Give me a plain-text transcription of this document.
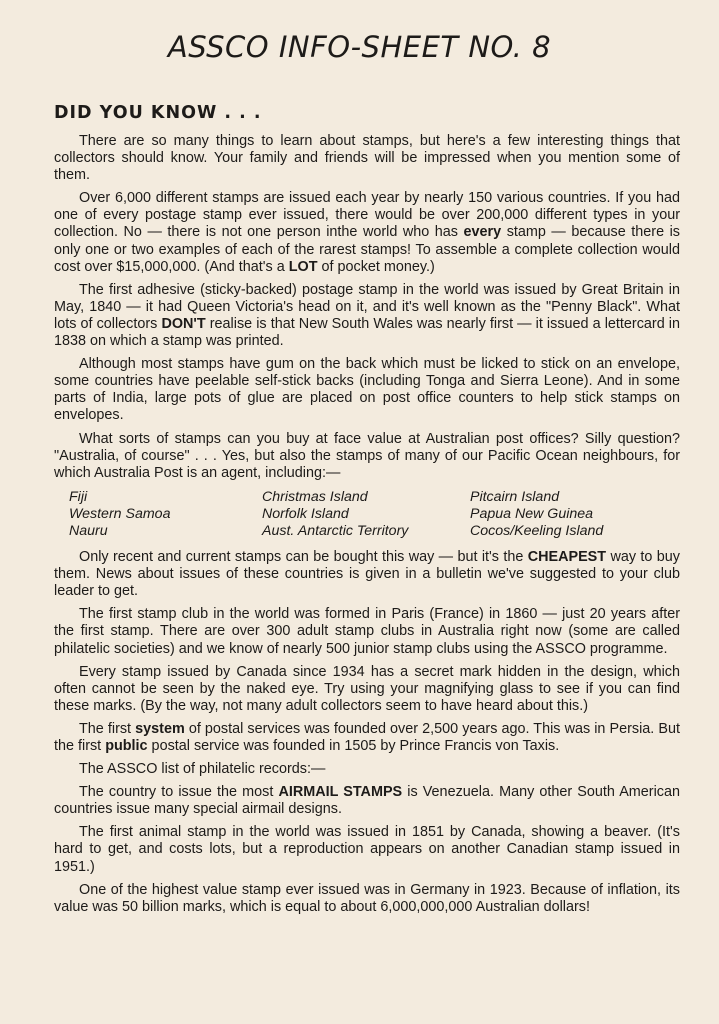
ASSCO INFO-SHEET NO. 8
DID YOU KNOW . . .

There are so many things to learn about stamps, but here's a few interesting things that collectors should know. Your family and friends will be impressed when you mention some of them.

Over 6,000 different stamps are issued each year by nearly 150 various countries. If you had one of every postage stamp ever issued, there would be over 200,000 different types in your collection. No — there is not one person inthe world who has every stamp — because there is only one or two examples of each of the rarest stamps! To assemble a complete collection would cost over $15,000,000. (And that's a LOT of pocket money.)

The first adhesive (sticky-backed) postage stamp in the world was issued by Great Britain in May, 1840 — it had Queen Victoria's head on it, and it's well known as the "Penny Black". What lots of collectors DON'T realise is that New South Wales was nearly first — it issued a lettercard in 1838 on which a stamp was printed.

Although most stamps have gum on the back which must be licked to stick on an envelope, some countries have peelable self-stick backs (including Tonga and Sierra Leone). And in some parts of India, large pots of glue are placed on post office counters to help stick stamps on envelopes.

What sorts of stamps can you buy at face value at Australian post offices? Silly question? "Australia, of course" . . . Yes, but also the stamps of many of our Pacific Ocean neighbours, for which Australia Post is an agent, including:—

Fiji
Western Samoa
Nauru
Christmas Island
Norfolk Island
Aust. Antarctic Territory
Pitcairn Island
Papua New Guinea
Cocos/Keeling Island

Only recent and current stamps can be bought this way — but it's the CHEAPEST way to buy them. News about issues of these countries is given in a bulletin we've suggested to your club leader to get.

The first stamp club in the world was formed in Paris (France) in 1860 — just 20 years after the first stamp. There are over 300 adult stamp clubs in Australia right now (some are called philatelic societies) and we know of nearly 500 junior stamp clubs using the ASSCO programme.

Every stamp issued by Canada since 1934 has a secret mark hidden in the design, which often cannot be seen by the naked eye. Try using your magnifying glass to see if you can find these marks. (By the way, not many adult collectors seem to have heard about this.)

The first system of postal services was founded over 2,500 years ago. This was in Persia. But the first public postal service was founded in 1505 by Prince Francis von Taxis.

The ASSCO list of philatelic records:—

The country to issue the most AIRMAIL STAMPS is Venezuela. Many other South American countries issue many special airmail designs.

The first animal stamp in the world was issued in 1851 by Canada, showing a beaver. (It's hard to get, and costs lots, but a reproduction appears on another Canadian stamp issued in 1951.)

One of the highest value stamp ever issued was in Germany in 1923. Because of inflation, its value was 50 billion marks, which is equal to about 6,000,000,000 Australian dollars!
